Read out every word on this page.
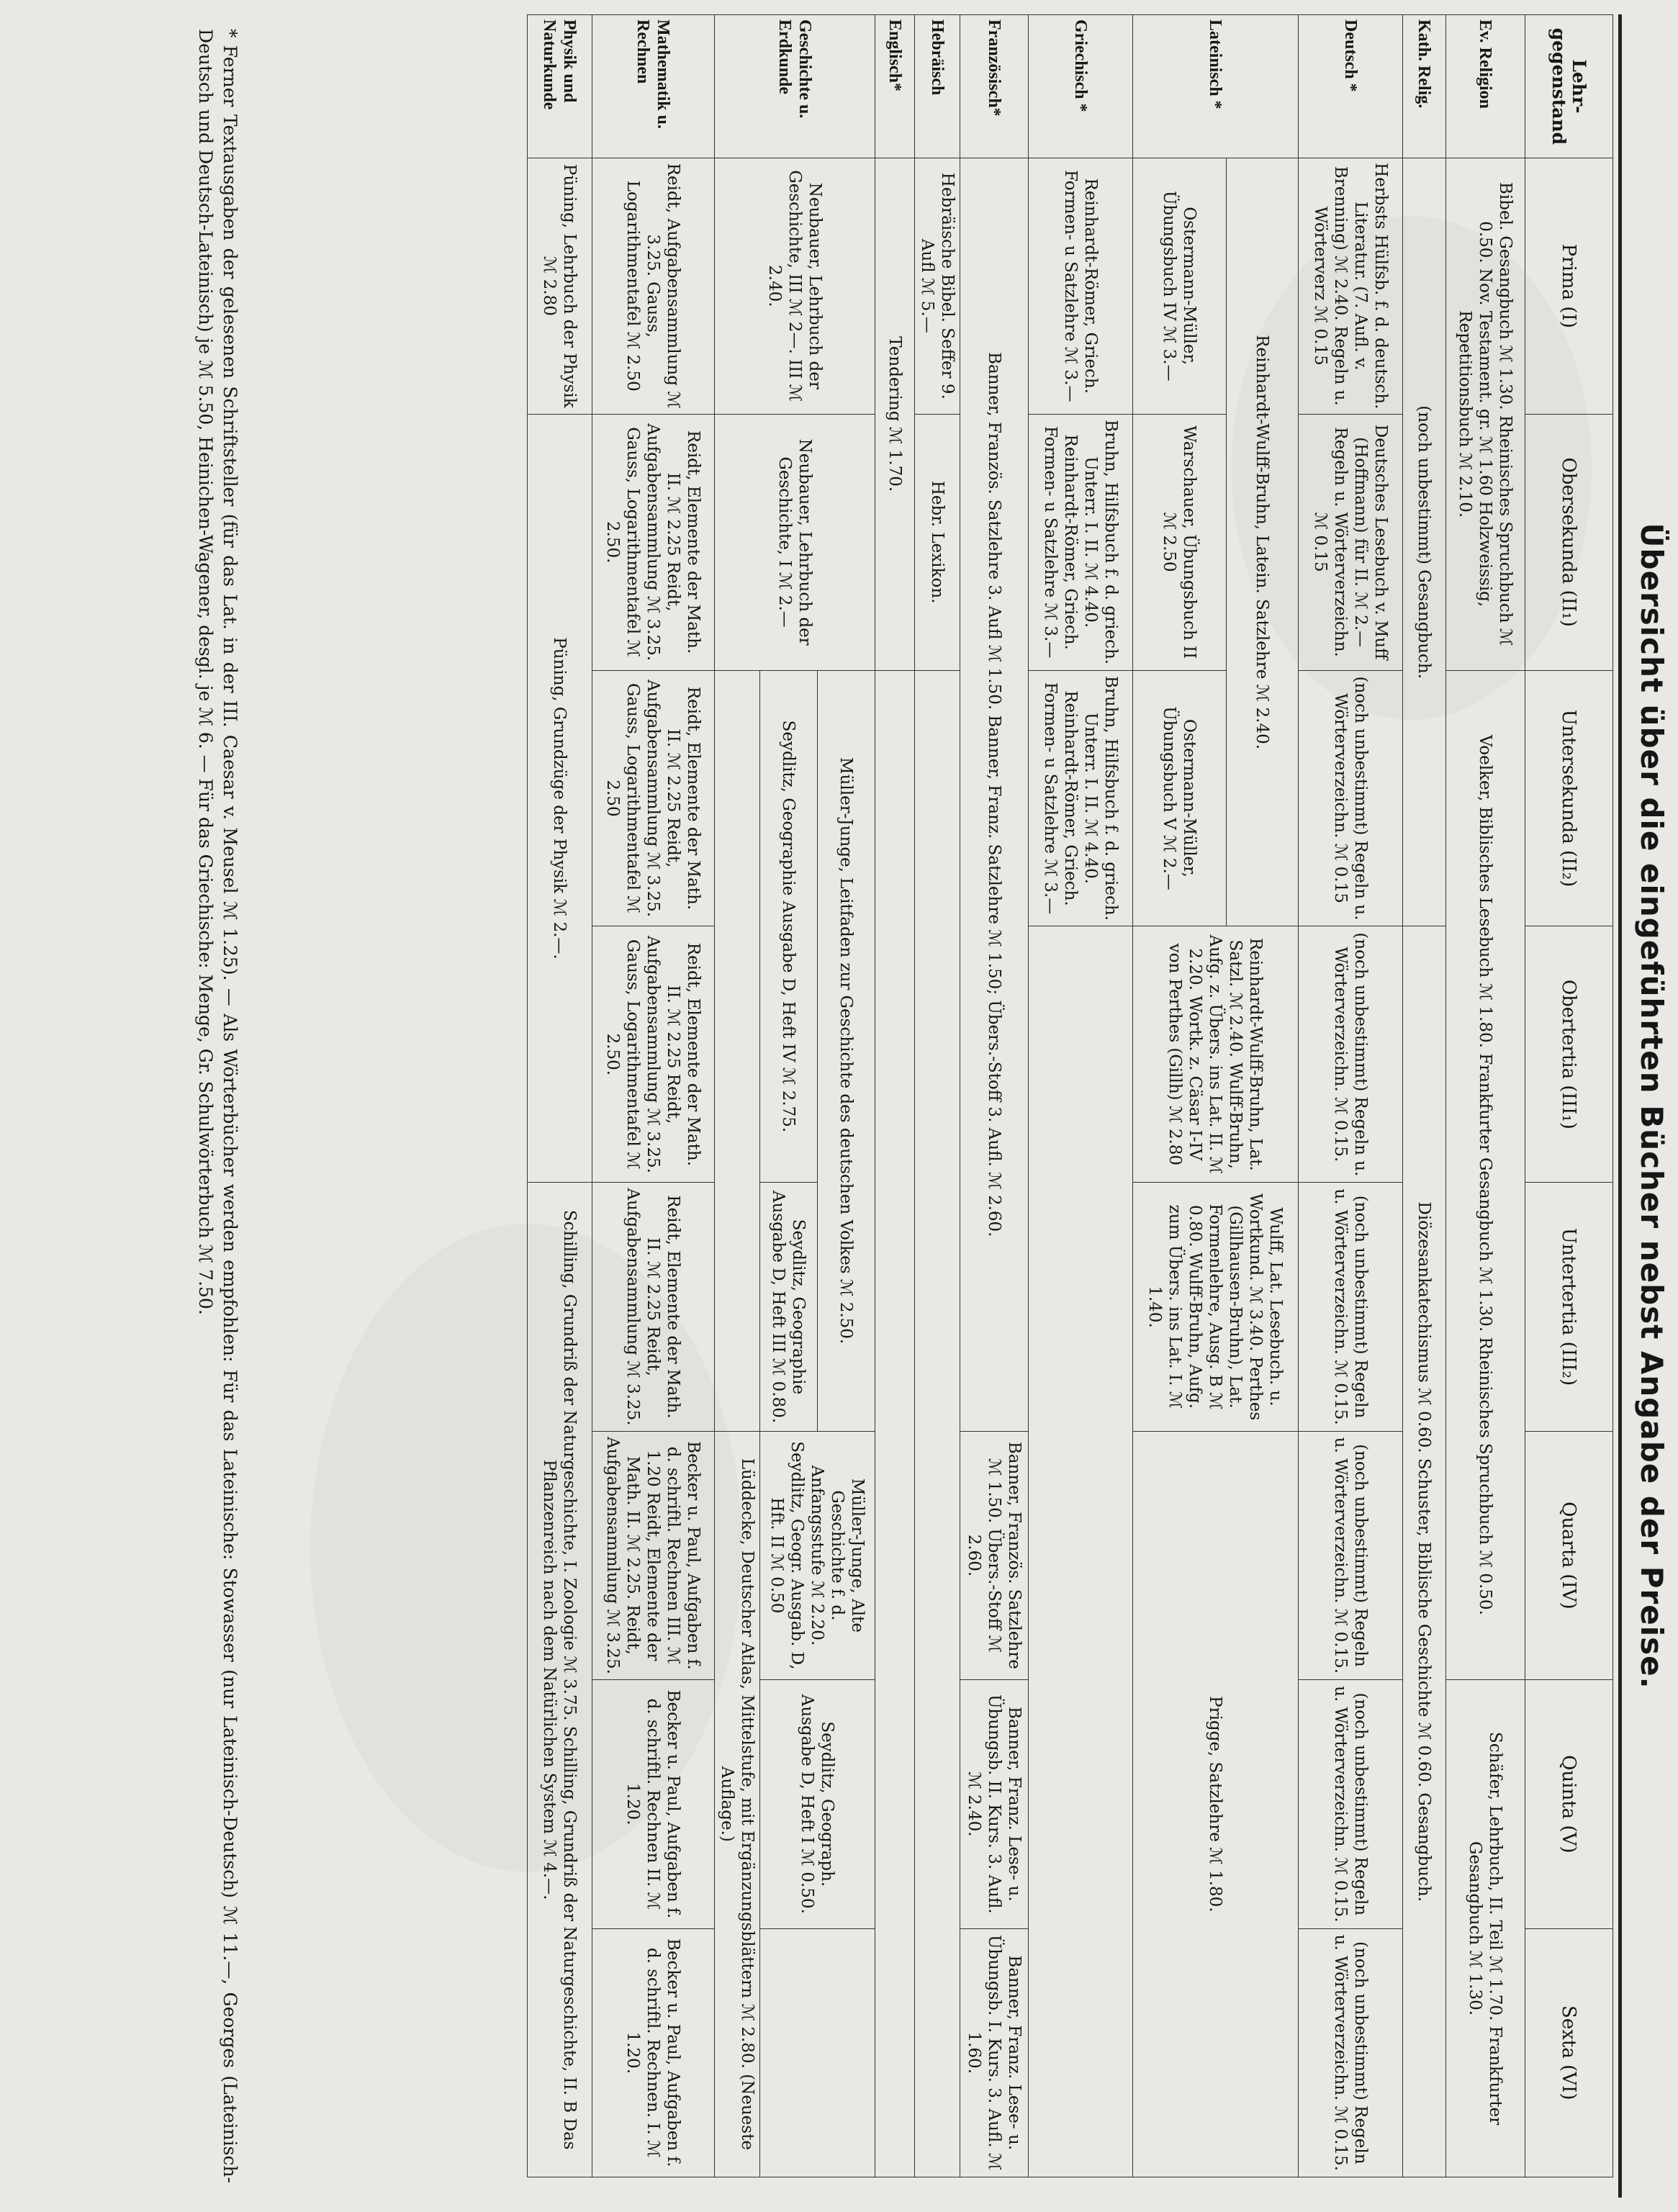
Übersicht über die eingeführten Bücher nebst Angabe der Preise.
Lehr-
gegenstand	Prima (I)	Obersekunda (II₁)	Untersekunda (II₂)	Obertertia (III₁)	Untertertia (III₂)	Quarta (IV)	Quinta (V)	Sexta (VI)
Ev. Religion	Bibel. Gesangbuch ℳ 1.30. Rheinisches Spruchbuch ℳ 0.50. Nov. Testament. gr. ℳ 1.60 Holzweissig, Repetitionsbuch ℳ 2.10.		Voelker, Biblisches Lesebuch ℳ 1.80. Frankfurter Gesangbuch ℳ 1.30. Rheinisches Spruchbuch ℳ 0.50.				Schäfer, Lehrbuch, II. Teil ℳ 1.70. Frankfurter Gesangbuch ℳ 1.30.	
Kath. Relig.	(noch unbestimmt) Gesangbuch.			Diözesankatechismus ℳ 0.60. Schuster, Biblische Geschichte ℳ 0.60. Gesangbuch.				
Deutsch *	Herbsts Hülfsb. f. d. deutsch. Literatur. (7. Aufl. v. Brenning) ℳ 2.40. Regeln u. Wörterverz ℳ 0.15	Deutsches Lesebuch v. Muff (Hoffmann) für II. ℳ 2.— Regeln u. Wörterverzeichn. ℳ 0.15	(noch unbestimmt) Regeln u. Wörterverzeichn. ℳ 0.15	(noch unbestimmt) Regeln u. Wörterverzeichn. ℳ 0.15.	(noch unbestimmt) Regeln u. Wörterverzeichn. ℳ 0.15.	(noch unbestimmt) Regeln u. Wörterverzeichn. ℳ 0.15.	(noch unbestimmt) Regeln u. Wörterverzeichn. ℳ 0.15.	(noch unbestimmt) Regeln u. Wörterverzeichn. ℳ 0.15.
Lateinisch *	Reinhardt-Wulff-Bruhn, Latein. Satzlehre ℳ 2.40.			Reinhardt-Wulff-Bruhn, Lat. Satzl. ℳ 2.40. Wulff-Bruhn, Aufg. z. Übers. ins Lat. II. ℳ 2.20. Wortk. z. Cäsar I-IV von Perthes (Gillh) ℳ 2.80	Wulff, Lat. Lesebuch. u. Wortkund. ℳ 3.40. Perthes (Gillhausen-Bruhn), Lat. Formenlehre, Ausg. B ℳ 0.80. Wulff-Bruhn, Aufg. zum Übers. ins Lat. I. ℳ 1.40.	Prigge, Satzlehre ℳ 1.80.		
	Ostermann-Müller, Übungsbuch IV ℳ 3.—	Warschauer, Übungsbuch II ℳ 2.50	Ostermann-Müller, Übungsbuch V ℳ 2.—					
Griechisch *	Reinhardt-Römer, Griech. Formen- u Satzlehre ℳ 3.—	Bruhn, Hilfsbuch f. d. griech. Unterr. I. II. ℳ 4.40. Reinhardt-Römer, Griech. Formen- u Satzlehre ℳ 3.—	Bruhn, Hilfsbuch f. d. griech. Unterr. I. II. ℳ 4.40. Reinhardt-Römer, Griech. Formen- u Satzlehre ℳ 3.—					
Französisch*	Banner, Französ. Satzlehre 3. Aufl ℳ 1.50. Banner, Franz. Satzlehre ℳ 1.50; Übers.-Stoff 3. Aufl. ℳ 2.60.					Banner, Französ. Satzlehre ℳ 1.50. Übers.-Stoff ℳ 2.60.	Banner, Franz. Lese- u. Übungsb. II. Kurs. 3. Aufl. ℳ 2.40.	Banner, Franz. Lese- u. Übungsb. I. Kurs. 3. Aufl. ℳ 1.60.
Hebräisch	Hebräische Bibel. Seffer 9. Aufl ℳ 5.—	Hebr. Lexikon.						
Englisch*	Tendering ℳ 1.70.							
Geschichte u. Erdkunde	Neubauer, Lehrbuch der Geschichte, III ℳ 2—. III ℳ 2.40.	Neubauer, Lehrbuch der Geschichte, I ℳ 2.—	Müller-Junge, Leitfaden zur Geschichte des deutschen Volkes ℳ 2.50.			Müller-Junge, Alte Geschichte f. d. Anfangsstufe ℳ 2.20. Seydlitz, Geogr. Ausgab. D, Hft. II ℳ 0.50	Seydlitz, Geograph. Ausgabe D, Heft I ℳ 0.50.	
			Seydlitz, Geographie Ausgabe D, Heft IV ℳ 2.75.		Seydlitz, Geographie Ausgabe D, Heft III ℳ 0.80.			
						Lüddecke, Deutscher Atlas, Mittelstufe, mit Ergänzungsblättern ℳ 2.80. (Neueste Auflage.)		
Mathematik u. Rechnen	Reidt, Aufgabensammlung ℳ 3.25. Gauss, Logarithmentafel ℳ 2.50	Reidt, Elemente der Math. II. ℳ 2.25 Reidt, Aufgabensammlung ℳ 3.25. Gauss, Logarithmentafel ℳ 2.50.	Reidt, Elemente der Math. II. ℳ 2.25 Reidt, Aufgabensammlung ℳ 3.25. Gauss, Logarithmentafel ℳ 2.50	Reidt, Elemente der Math. II. ℳ 2.25 Reidt, Aufgabensammlung ℳ 3.25. Gauss, Logarithmentafel ℳ 2.50.	Reidt, Elemente der Math. II. ℳ 2.25 Reidt, Aufgabensammlung ℳ 3.25.	Becker u. Paul, Aufgaben f. d. schriftl. Rechnen III. ℳ 1.20 Reidt, Elemente der Math. II. ℳ 2.25. Reidt, Aufgabensammlung ℳ 3.25.	Becker u. Paul, Aufgaben f. d. schriftl. Rechnen II. ℳ 1.20.	Becker u. Paul, Aufgaben f. d. schriftl. Rechnen. I. ℳ 1.20.
Physik und Naturkunde	Püning, Lehrbuch der Physik ℳ 2.80	Püning, Grundzüge der Physik ℳ 2.—.			Schilling, Grundriß der Naturgeschichte, I. Zoologie ℳ 3.75. Schilling, Grundriß der Naturgeschichte, II. B Das Pflanzenreich nach dem Natürlichen System ℳ 4.—.			
* Ferner Textausgaben der gelesenen Schriftsteller (für das Lat. in der III. Caesar v. Meusel ℳ 1.25). — Als Wörterbücher werden empfohlen: Für das Lateinische: Stowasser (nur Lateinisch-Deutsch) ℳ 11.—, Georges (Lateinisch-Deutsch und Deutsch-Lateinisch) je ℳ 5.50, Heinichen-Wagener, desgl. je ℳ 6. — Für das Griechische: Menge, Gr. Schulwörterbuch ℳ 7.50.
